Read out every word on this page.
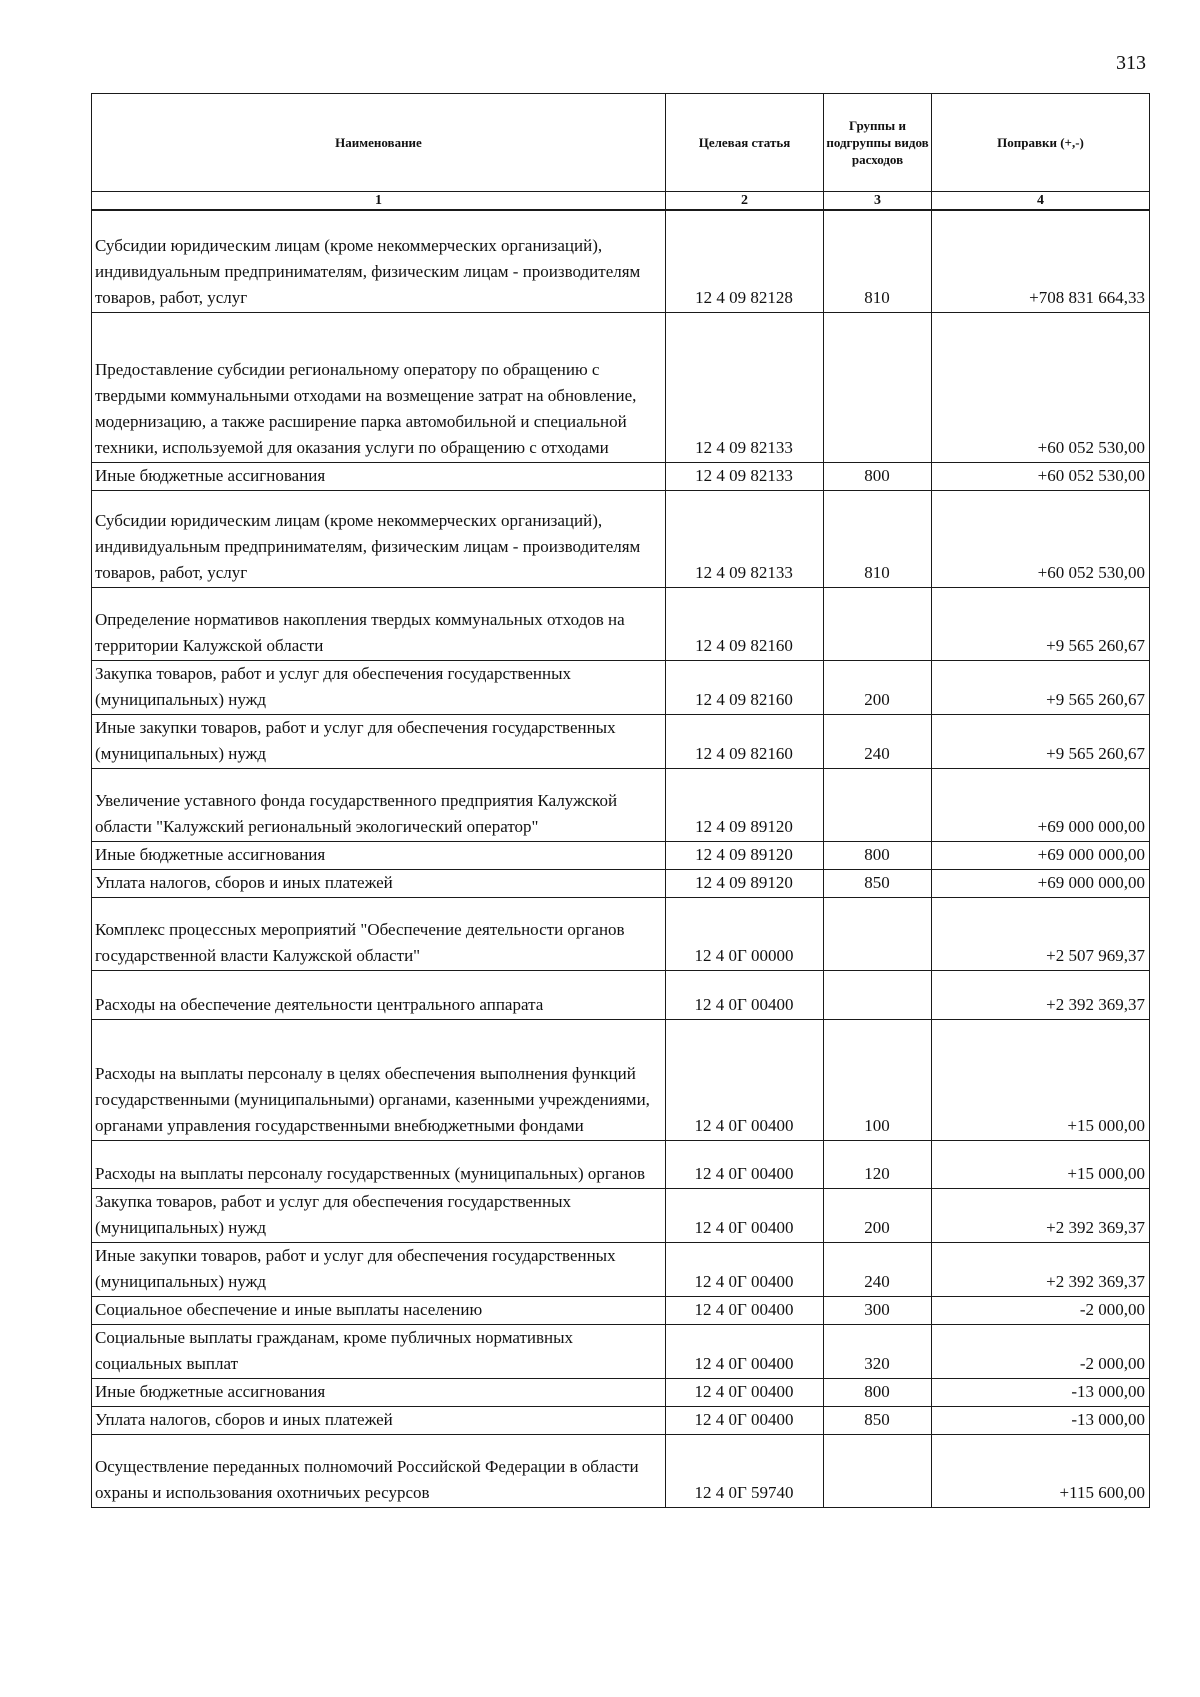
313
Наименование	Целевая статья	Группы и подгруппы видов расходов	Поправки (+,-)
1	2	3	4
Субсидии юридическим лицам (кроме некоммерческих организаций), индивидуальным предпринимателям, физическим лицам - производителям товаров, работ, услуг	12 4 09 82128	810	+708 831 664,33
Предоставление субсидии региональному оператору по обращению с твердыми коммунальными отходами на возмещение затрат на обновление, модернизацию, а также расширение парка автомобильной и специальной техники, используемой для оказания услуги по обращению с отходами	12 4 09 82133		+60 052 530,00
Иные бюджетные ассигнования	12 4 09 82133	800	+60 052 530,00
Субсидии юридическим лицам (кроме некоммерческих организаций), индивидуальным предпринимателям, физическим лицам - производителям товаров, работ, услуг	12 4 09 82133	810	+60 052 530,00
Определение нормативов накопления твердых коммунальных отходов на территории Калужской области	12 4 09 82160		+9 565 260,67
Закупка товаров, работ и услуг для обеспечения государственных (муниципальных) нужд	12 4 09 82160	200	+9 565 260,67
Иные закупки товаров, работ и услуг для обеспечения государственных (муниципальных) нужд	12 4 09 82160	240	+9 565 260,67
Увеличение уставного фонда государственного предприятия Калужской области "Калужский региональный экологический оператор"	12 4 09 89120		+69 000 000,00
Иные бюджетные ассигнования	12 4 09 89120	800	+69 000 000,00
Уплата налогов, сборов и иных платежей	12 4 09 89120	850	+69 000 000,00
Комплекс процессных мероприятий "Обеспечение деятельности органов государственной власти Калужской области"	12 4 0Г 00000		+2 507 969,37
Расходы на обеспечение деятельности центрального аппарата	12 4 0Г 00400		+2 392 369,37
Расходы на выплаты персоналу в целях обеспечения выполнения функций государственными (муниципальными) органами, казенными учреждениями, органами управления государственными внебюджетными фондами	12 4 0Г 00400	100	+15 000,00
Расходы на выплаты персоналу государственных (муниципальных) органов	12 4 0Г 00400	120	+15 000,00
Закупка товаров, работ и услуг для обеспечения государственных (муниципальных) нужд	12 4 0Г 00400	200	+2 392 369,37
Иные закупки товаров, работ и услуг для обеспечения государственных (муниципальных) нужд	12 4 0Г 00400	240	+2 392 369,37
Социальное обеспечение и иные выплаты населению	12 4 0Г 00400	300	-2 000,00
Социальные выплаты гражданам, кроме публичных нормативных социальных выплат	12 4 0Г 00400	320	-2 000,00
Иные бюджетные ассигнования	12 4 0Г 00400	800	-13 000,00
Уплата налогов, сборов и иных платежей	12 4 0Г 00400	850	-13 000,00
Осуществление переданных полномочий Российской Федерации в области охраны и использования охотничьих ресурсов	12 4 0Г 59740		+115 600,00
